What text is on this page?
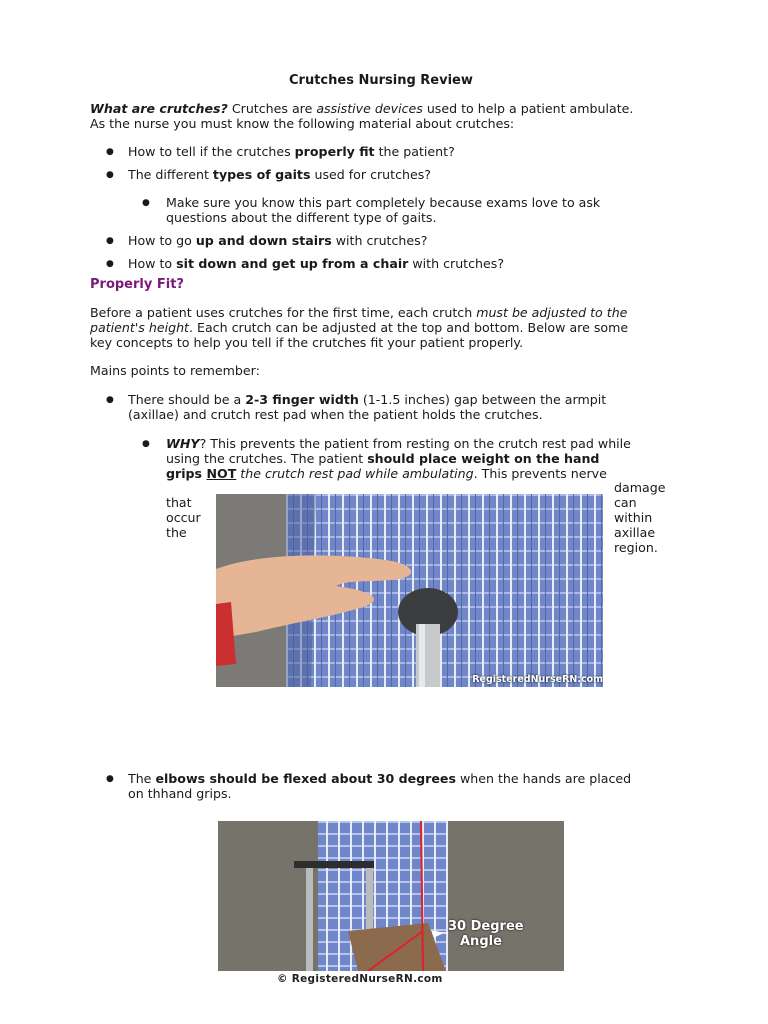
Crutches Nursing Review
What are crutches? Crutches are assistive devices used to help a patient ambulate.
As the nurse you must know the following material about crutches:
● How to tell if the crutches properly fit the patient?
● The different types of gaits used for crutches?
● Make sure you know this part completely because exams love to ask
questions about the different type of gaits.
● How to go up and down stairs with crutches?
● How to sit down and get up from a chair with crutches?
Properly Fit?
Before a patient uses crutches for the first time, each crutch must be adjusted to the
patient's height. Each crutch can be adjusted at the top and bottom. Below are some
key concepts to help you tell if the crutches fit your patient properly.
Mains points to remember:
● There should be a 2-3 finger width (1-1.5 inches) gap between the armpit
(axillae) and crutch rest pad when the patient holds the crutches.
● WHY? This prevents the patient from resting on the crutch rest pad while
using the crutches. The patient should place weight on the hand
grips NOT the crutch rest pad while ambulating. This prevents nerve
damage
can
within
axillae
region.
that
occur
the
RegisteredNurseRN.com
● The elbows should be flexed about 30 degrees when the hands are placed
on thhand grips.
30 Degree
Angle
© RegisteredNurseRN.com
